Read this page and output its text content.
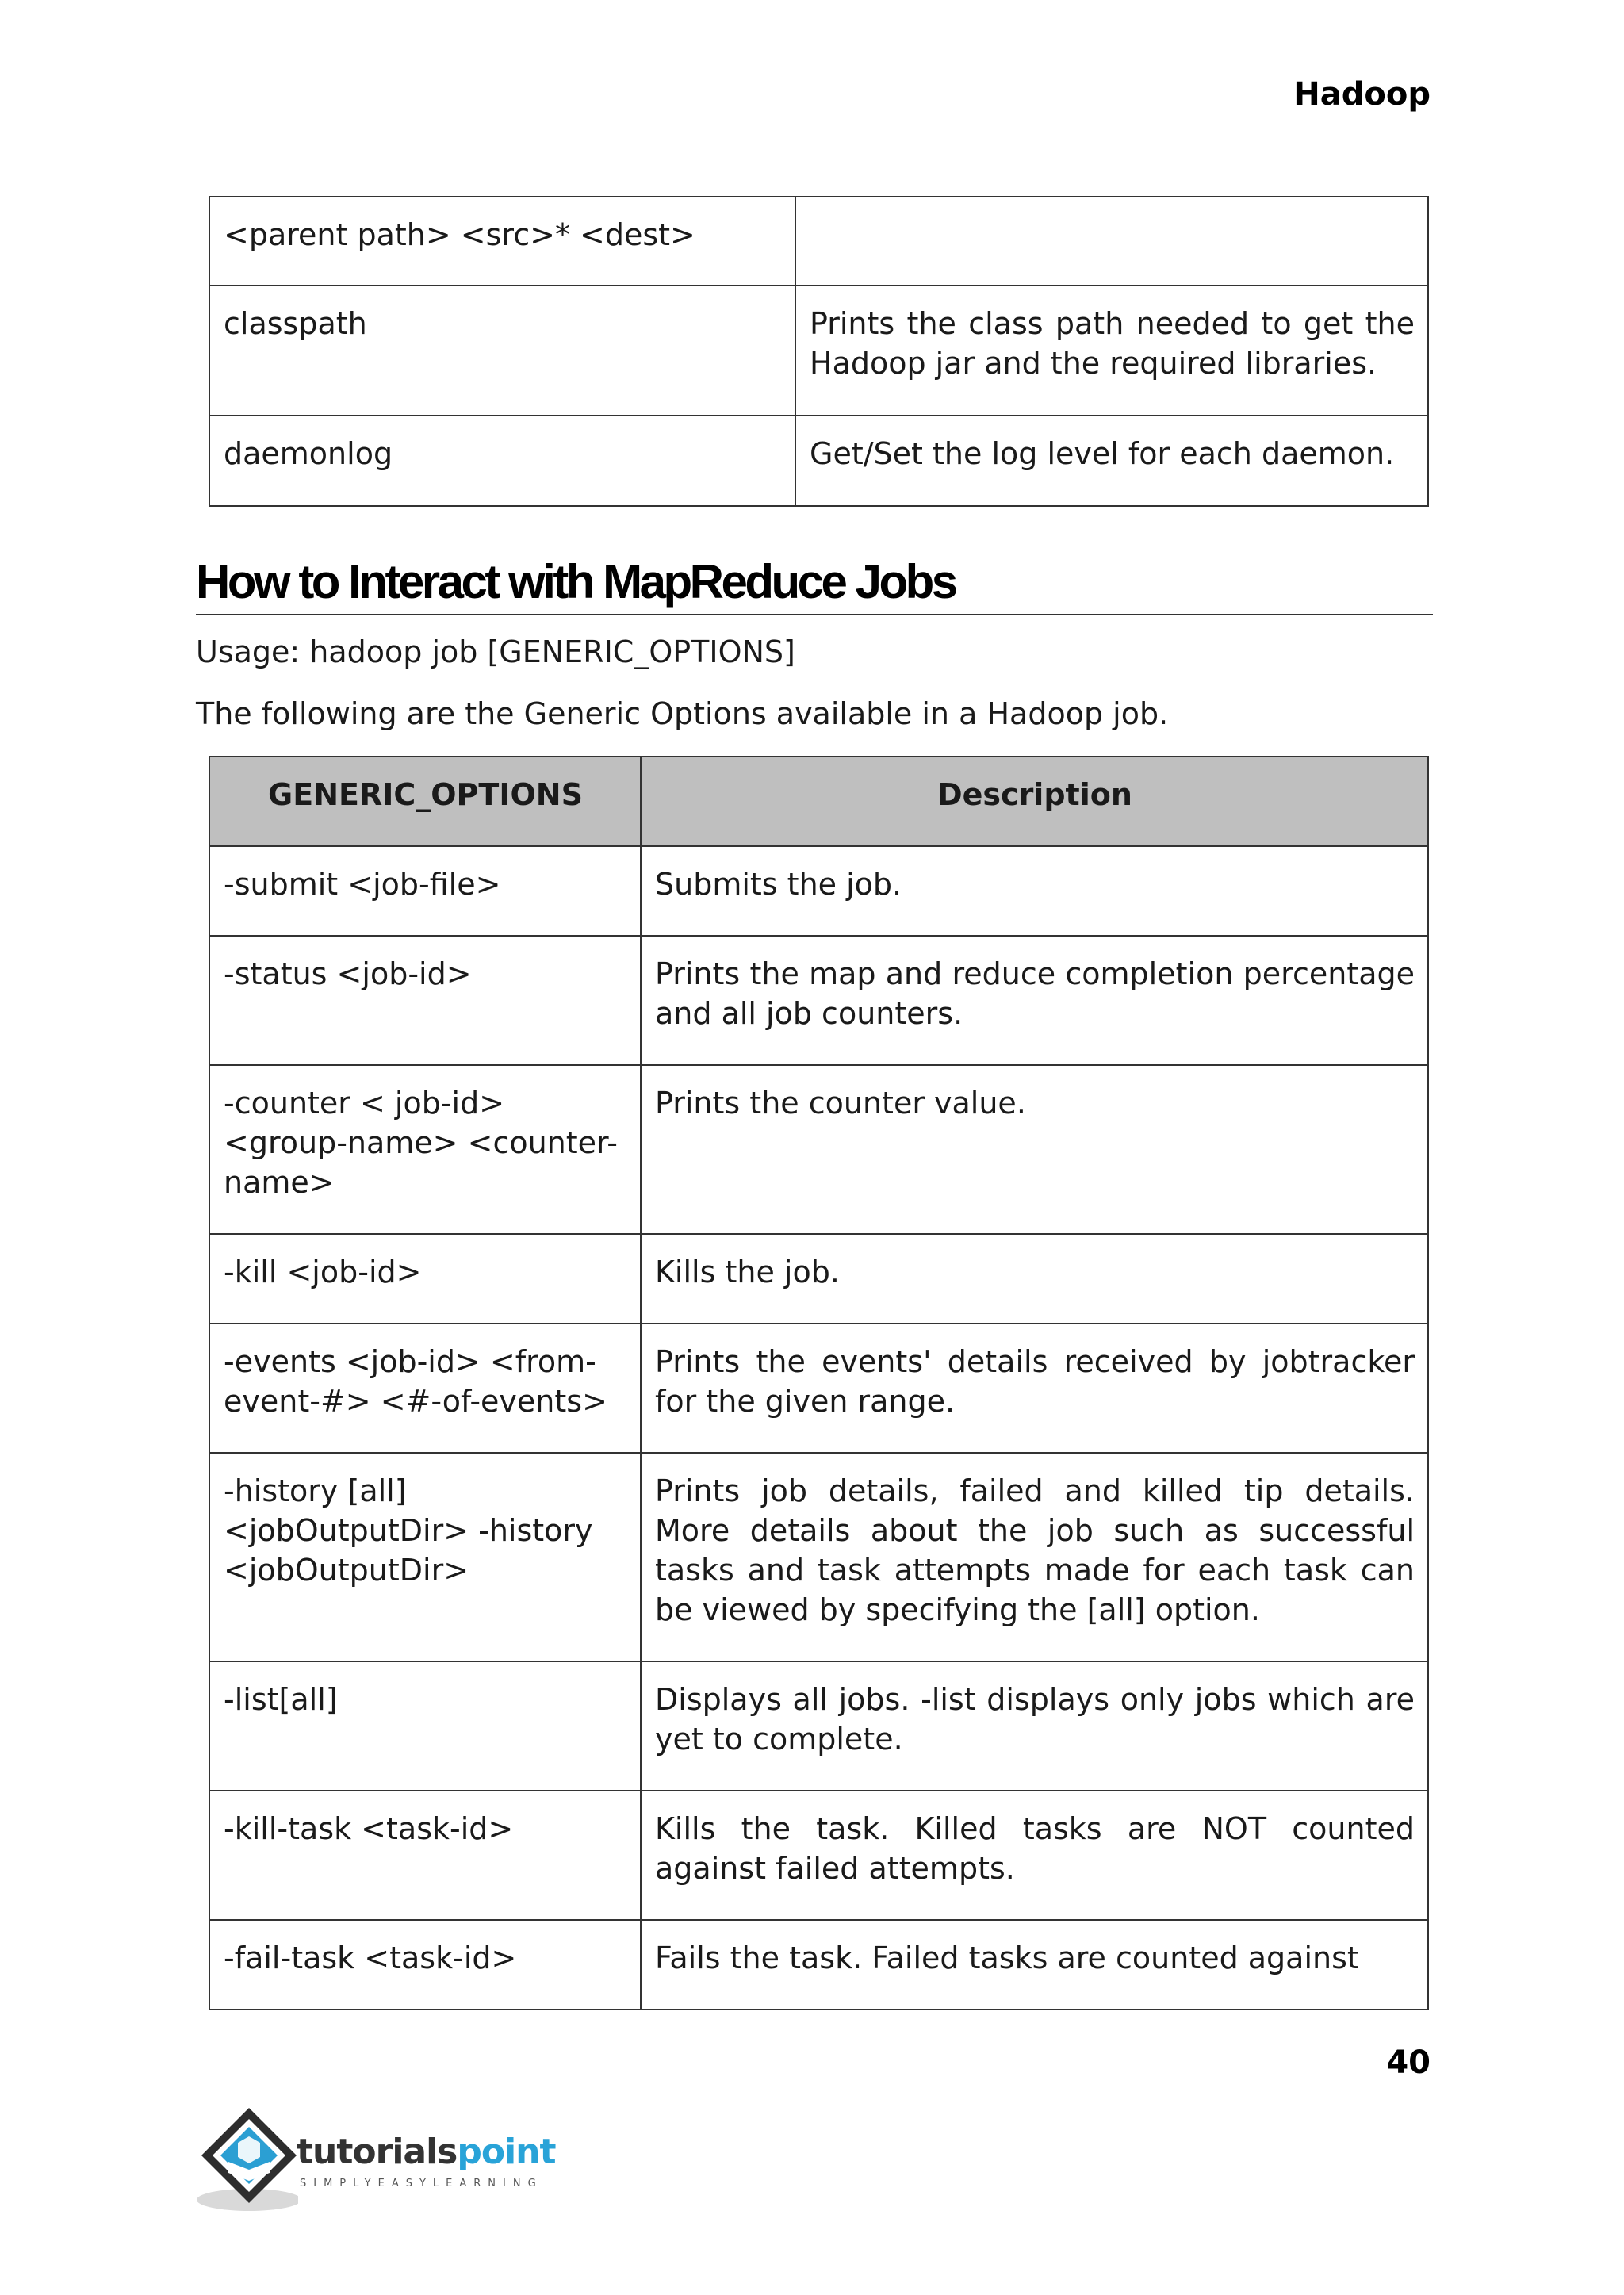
Hadoop
<parent path> <src>* <dest>	
classpath	Prints the class path needed to get the Hadoop jar and the required libraries.
daemonlog	Get/Set the log level for each daemon.
How to Interact with MapReduce Jobs
Usage: hadoop job [GENERIC_OPTIONS]
The following are the Generic Options available in a Hadoop job.
GENERIC_OPTIONS	Description
-submit <job-file>	Submits the job.
-status <job-id>	Prints the map and reduce completion percentage and all job counters.
-counter < job-id> <group-name> <counter-name>	Prints the counter value.
-kill <job-id>	Kills the job.
-events <job-id> <from-event-#> <#-of-events>	Prints the events' details received by jobtracker for the given range.
-history [all] <jobOutputDir> -history <jobOutputDir>	Prints job details, failed and killed tip details. More details about the job such as successful tasks and task attempts made for each task can be viewed by specifying the [all] option.
-list[all]	Displays all jobs. -list displays only jobs which are yet to complete.
-kill-task <task-id>	Kills the task. Killed tasks are NOT counted against failed attempts.
-fail-task <task-id>	Fails the task. Failed tasks are counted against
40
tutorialspoint
SIMPLYEASYLEARNING
